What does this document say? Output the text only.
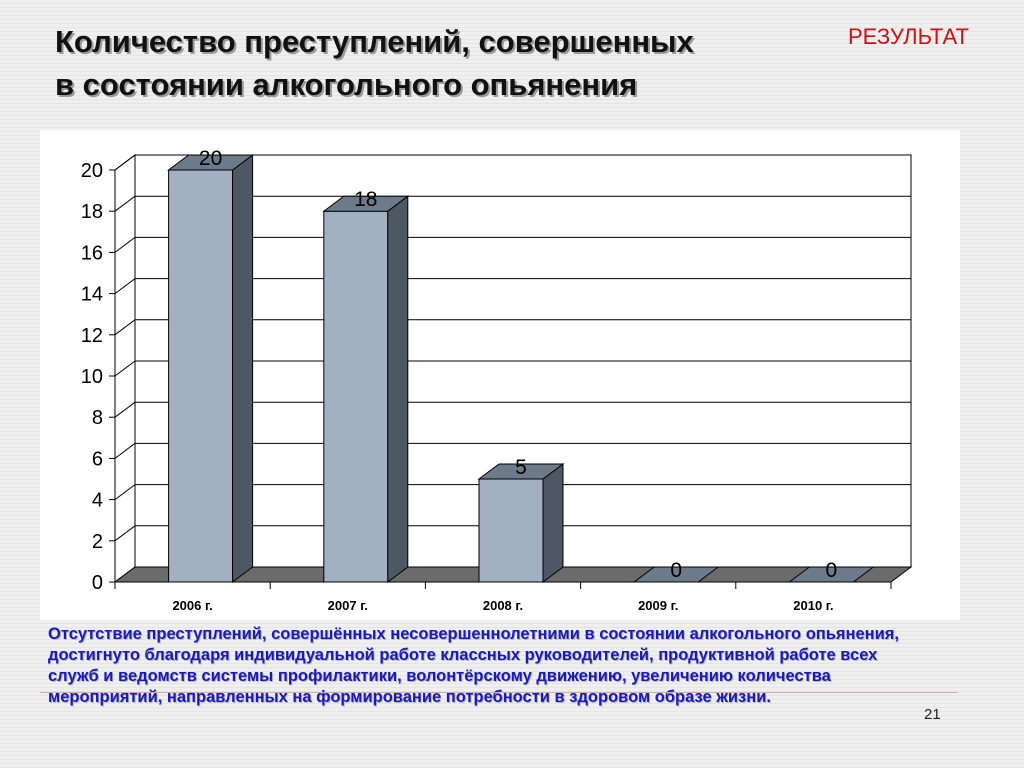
Количество преступлений, совершенных
в состоянии алкогольного опьянения
РЕЗУЛЬТАТ
0
2
4
6
8
10
12
14
16
18
20
20
2006 г.
18
2007 г.
5
2008 г.
0
2009 г.
0
2010 г.
Отсутствие преступлений, совершённых несовершеннолетними в состоянии алкогольного опьянения, достигнуто благодаря индивидуальной работе классных руководителей, продуктивной работе всех служб и ведомств системы профилактики, волонтёрскому движению, увеличению количества мероприятий, направленных на формирование потребности в здоровом образе жизни.
21
